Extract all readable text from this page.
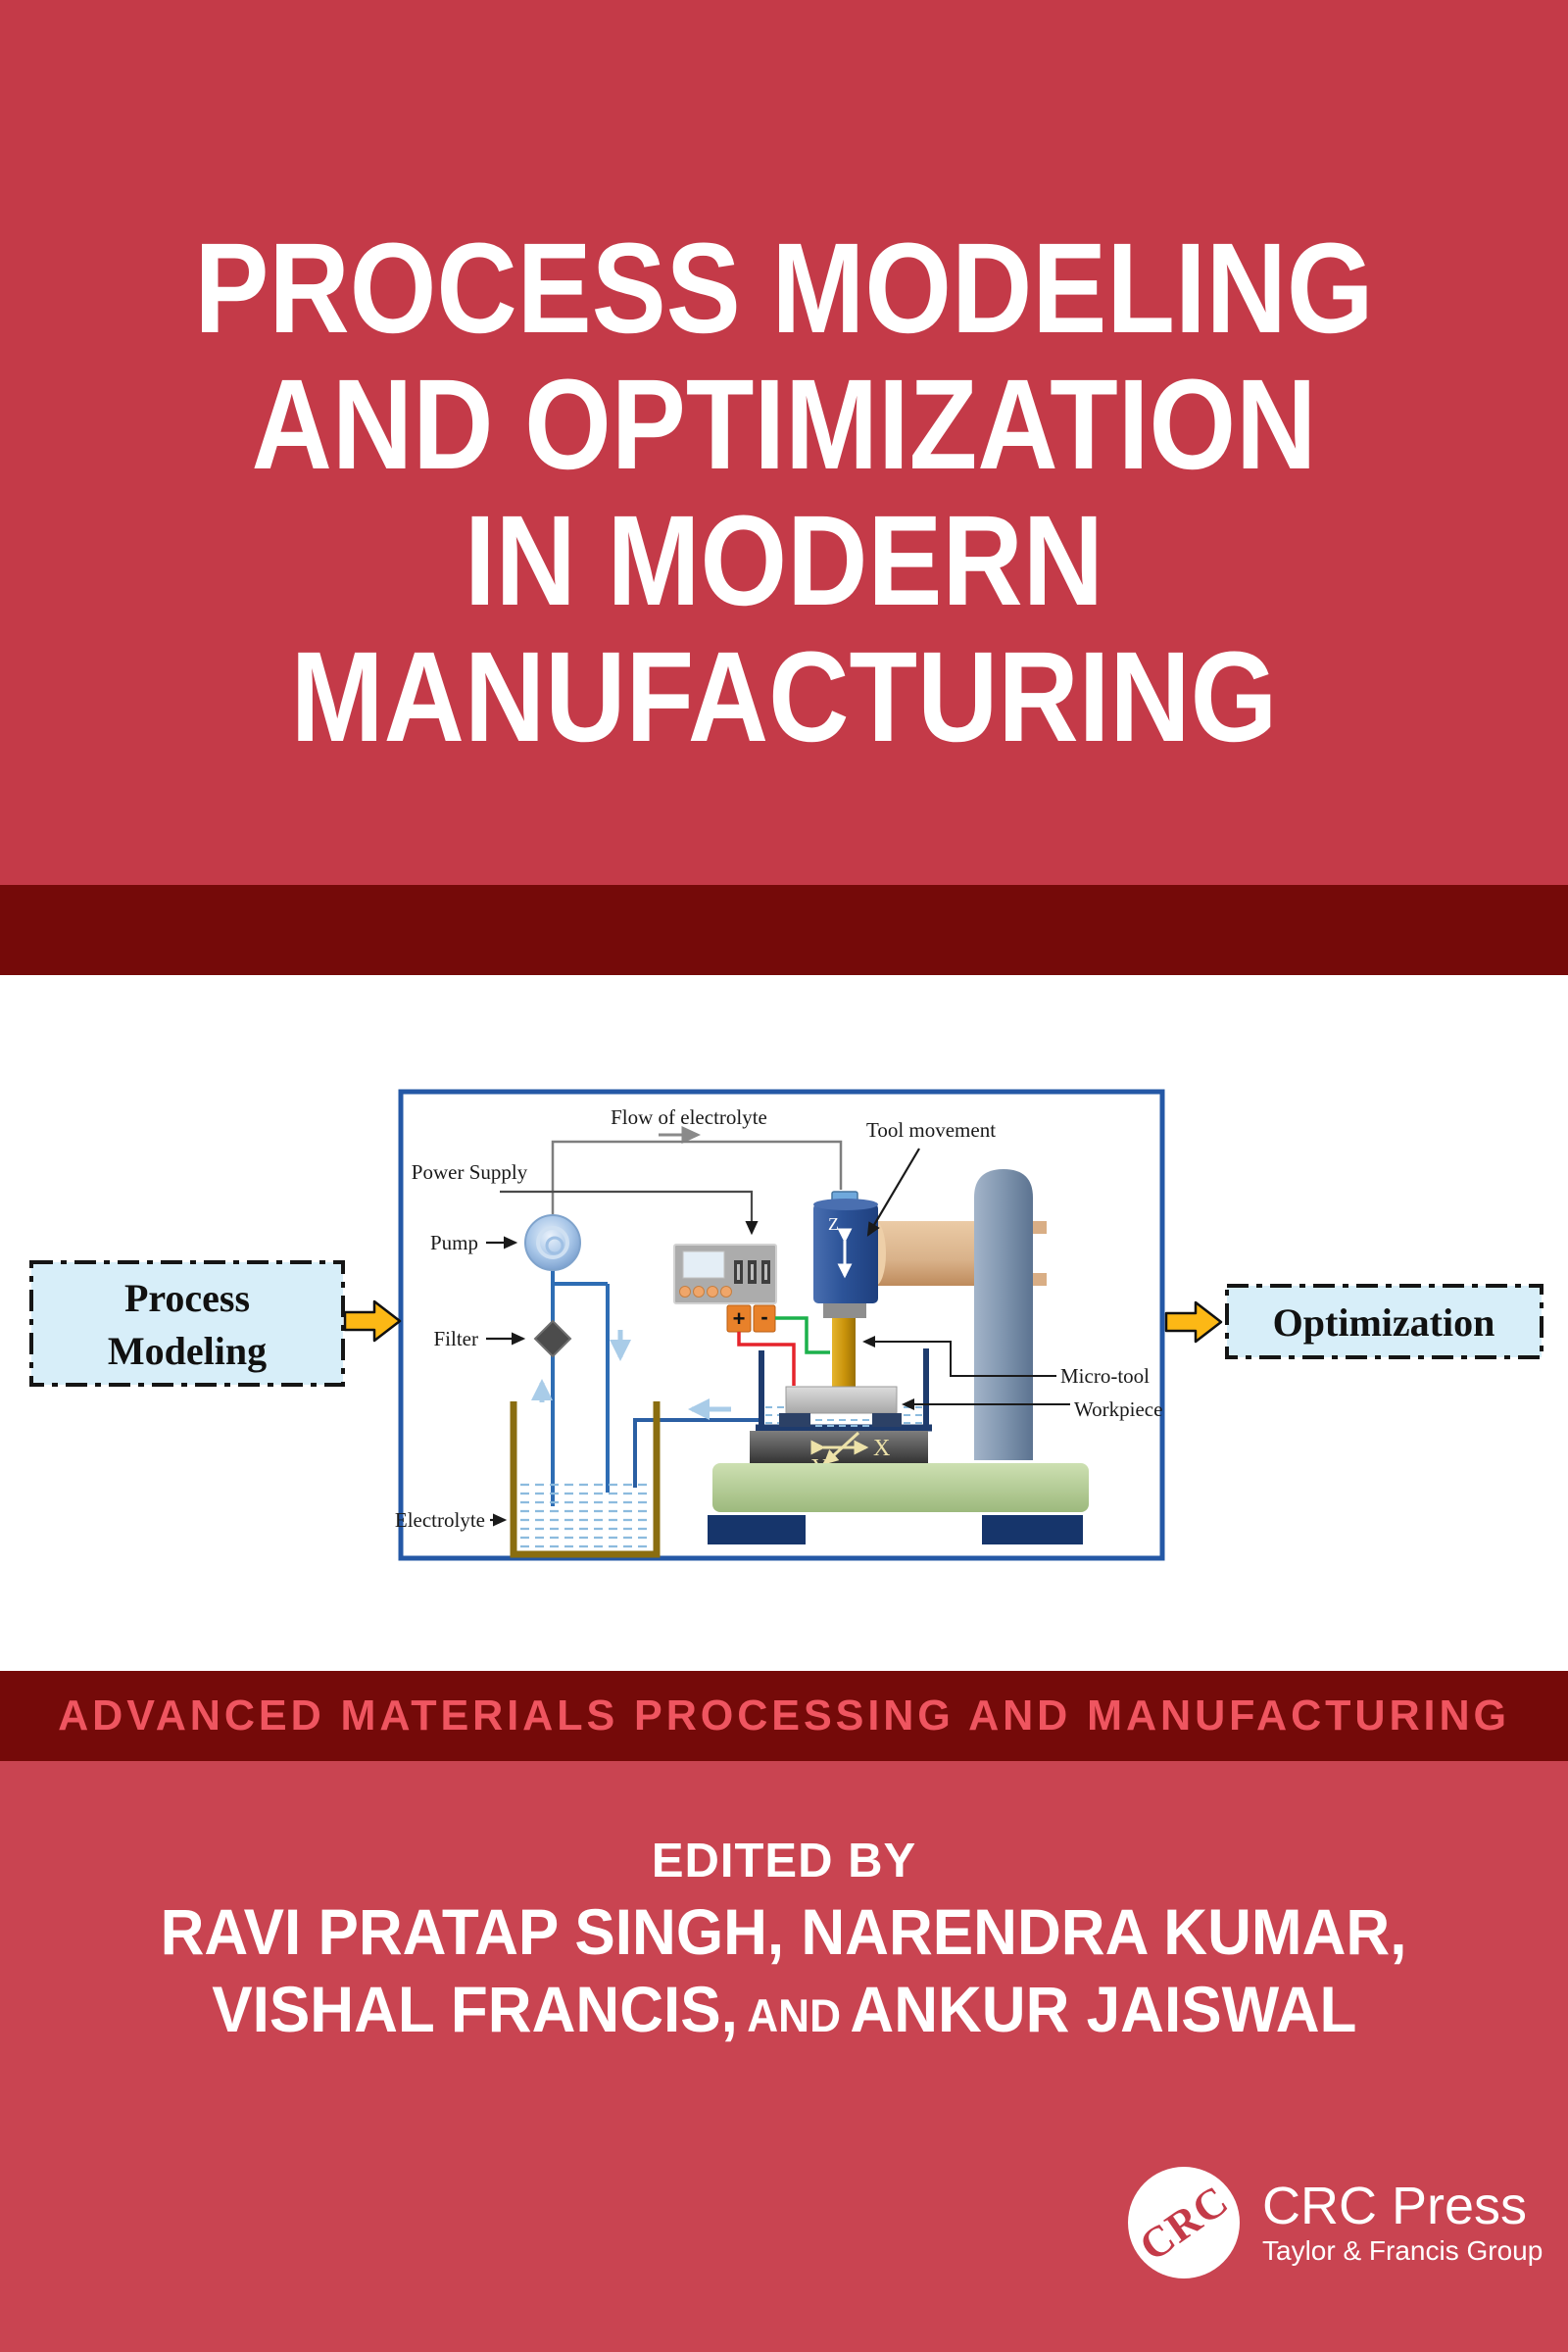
PROCESS MODELING
AND OPTIMIZATION
IN MODERN
MANUFACTURING
Flow of electrolyte
Power Supply
Pump
Filter
Electrolyte
Z
X
+ -
Tool movement
Micro-tool
Workpiece
Process
Modeling
Optimization
ADVANCED MATERIALS PROCESSING AND MANUFACTURING

EDITED BY

RAVI PRATAP SINGH, NARENDRA KUMAR,

VISHAL FRANCIS, AND ANKUR JAISWAL

CRC CRC Press
Taylor & Francis Group
